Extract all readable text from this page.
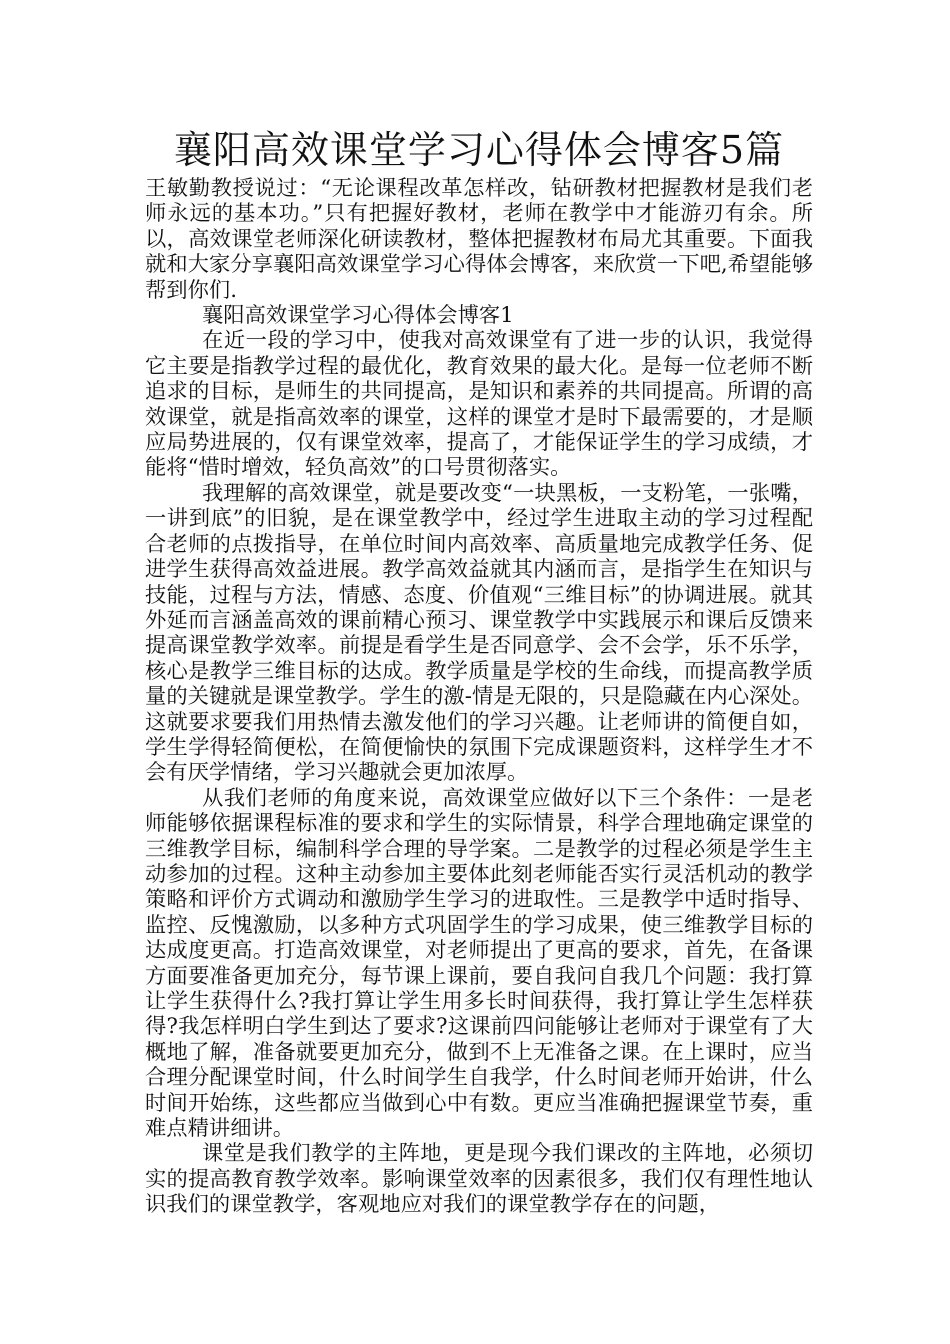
襄阳高效课堂学习心得体会博客5篇

王敏勤教授说过：“无论课程改革怎样改，钻研教材把握教材是我们老师永远的基本功。”只有把握好教材，老师在教学中才能游刃有余。所以，高效课堂老师深化研读教材，整体把握教材布局尤其重要。下面我就和大家分享襄阳高效课堂学习心得体会博客，来欣赏一下吧,希望能够帮到你们.

襄阳高效课堂学习心得体会博客1

在近一段的学习中，使我对高效课堂有了进一步的认识，我觉得它主要是指教学过程的最优化，教育效果的最大化。是每一位老师不断追求的目标，是师生的共同提高，是知识和素养的共同提高。所谓的高效课堂，就是指高效率的课堂，这样的课堂才是时下最需要的，才是顺应局势进展的，仅有课堂效率，提高了，才能保证学生的学习成绩，才能将“惜时增效，轻负高效”的口号贯彻落实。

我理解的高效课堂，就是要改变“一块黑板，一支粉笔，一张嘴，一讲到底”的旧貌，是在课堂教学中，经过学生进取主动的学习过程配合老师的点拨指导，在单位时间内高效率、高质量地完成教学任务、促进学生获得高效益进展。教学高效益就其内涵而言，是指学生在知识与技能，过程与方法，情感、态度、价值观“三维目标”的协调进展。就其外延而言涵盖高效的课前精心预习、课堂教学中实践展示和课后反馈来提高课堂教学效率。前提是看学生是否同意学、会不会学，乐不乐学，核心是教学三维目标的达成。教学质量是学校的生命线，而提高教学质量的关键就是课堂教学。学生的激-情是无限的，只是隐藏在内心深处。这就要求要我们用热情去激发他们的学习兴趣。让老师讲的简便自如，学生学得轻简便松，在简便愉快的氛围下完成课题资料，这样学生才不会有厌学情绪，学习兴趣就会更加浓厚。

从我们老师的角度来说，高效课堂应做好以下三个条件：一是老师能够依据课程标准的要求和学生的实际情景，科学合理地确定课堂的三维教学目标，编制科学合理的导学案。二是教学的过程必须是学生主动参加的过程。这种主动参加主要体此刻老师能否实行灵活机动的教学策略和评价方式调动和激励学生学习的进取性。三是教学中适时指导、监控、反愧激励，以多种方式巩固学生的学习成果，使三维教学目标的达成度更高。打造高效课堂，对老师提出了更高的要求，首先，在备课方面要准备更加充分，每节课上课前，要自我问自我几个问题：我打算让学生获得什么?我打算让学生用多长时间获得，我打算让学生怎样获得?我怎样明白学生到达了要求?这课前四问能够让老师对于课堂有了大概地了解，准备就要更加充分，做到不上无准备之课。在上课时，应当合理分配课堂时间，什么时间学生自我学，什么时间老师开始讲，什么时间开始练，这些都应当做到心中有数。更应当准确把握课堂节奏，重难点精讲细讲。

课堂是我们教学的主阵地，更是现今我们课改的主阵地，必须切实的提高教育教学效率。影响课堂效率的因素很多，我们仅有理性地认识我们的课堂教学，客观地应对我们的课堂教学存在的问题，
